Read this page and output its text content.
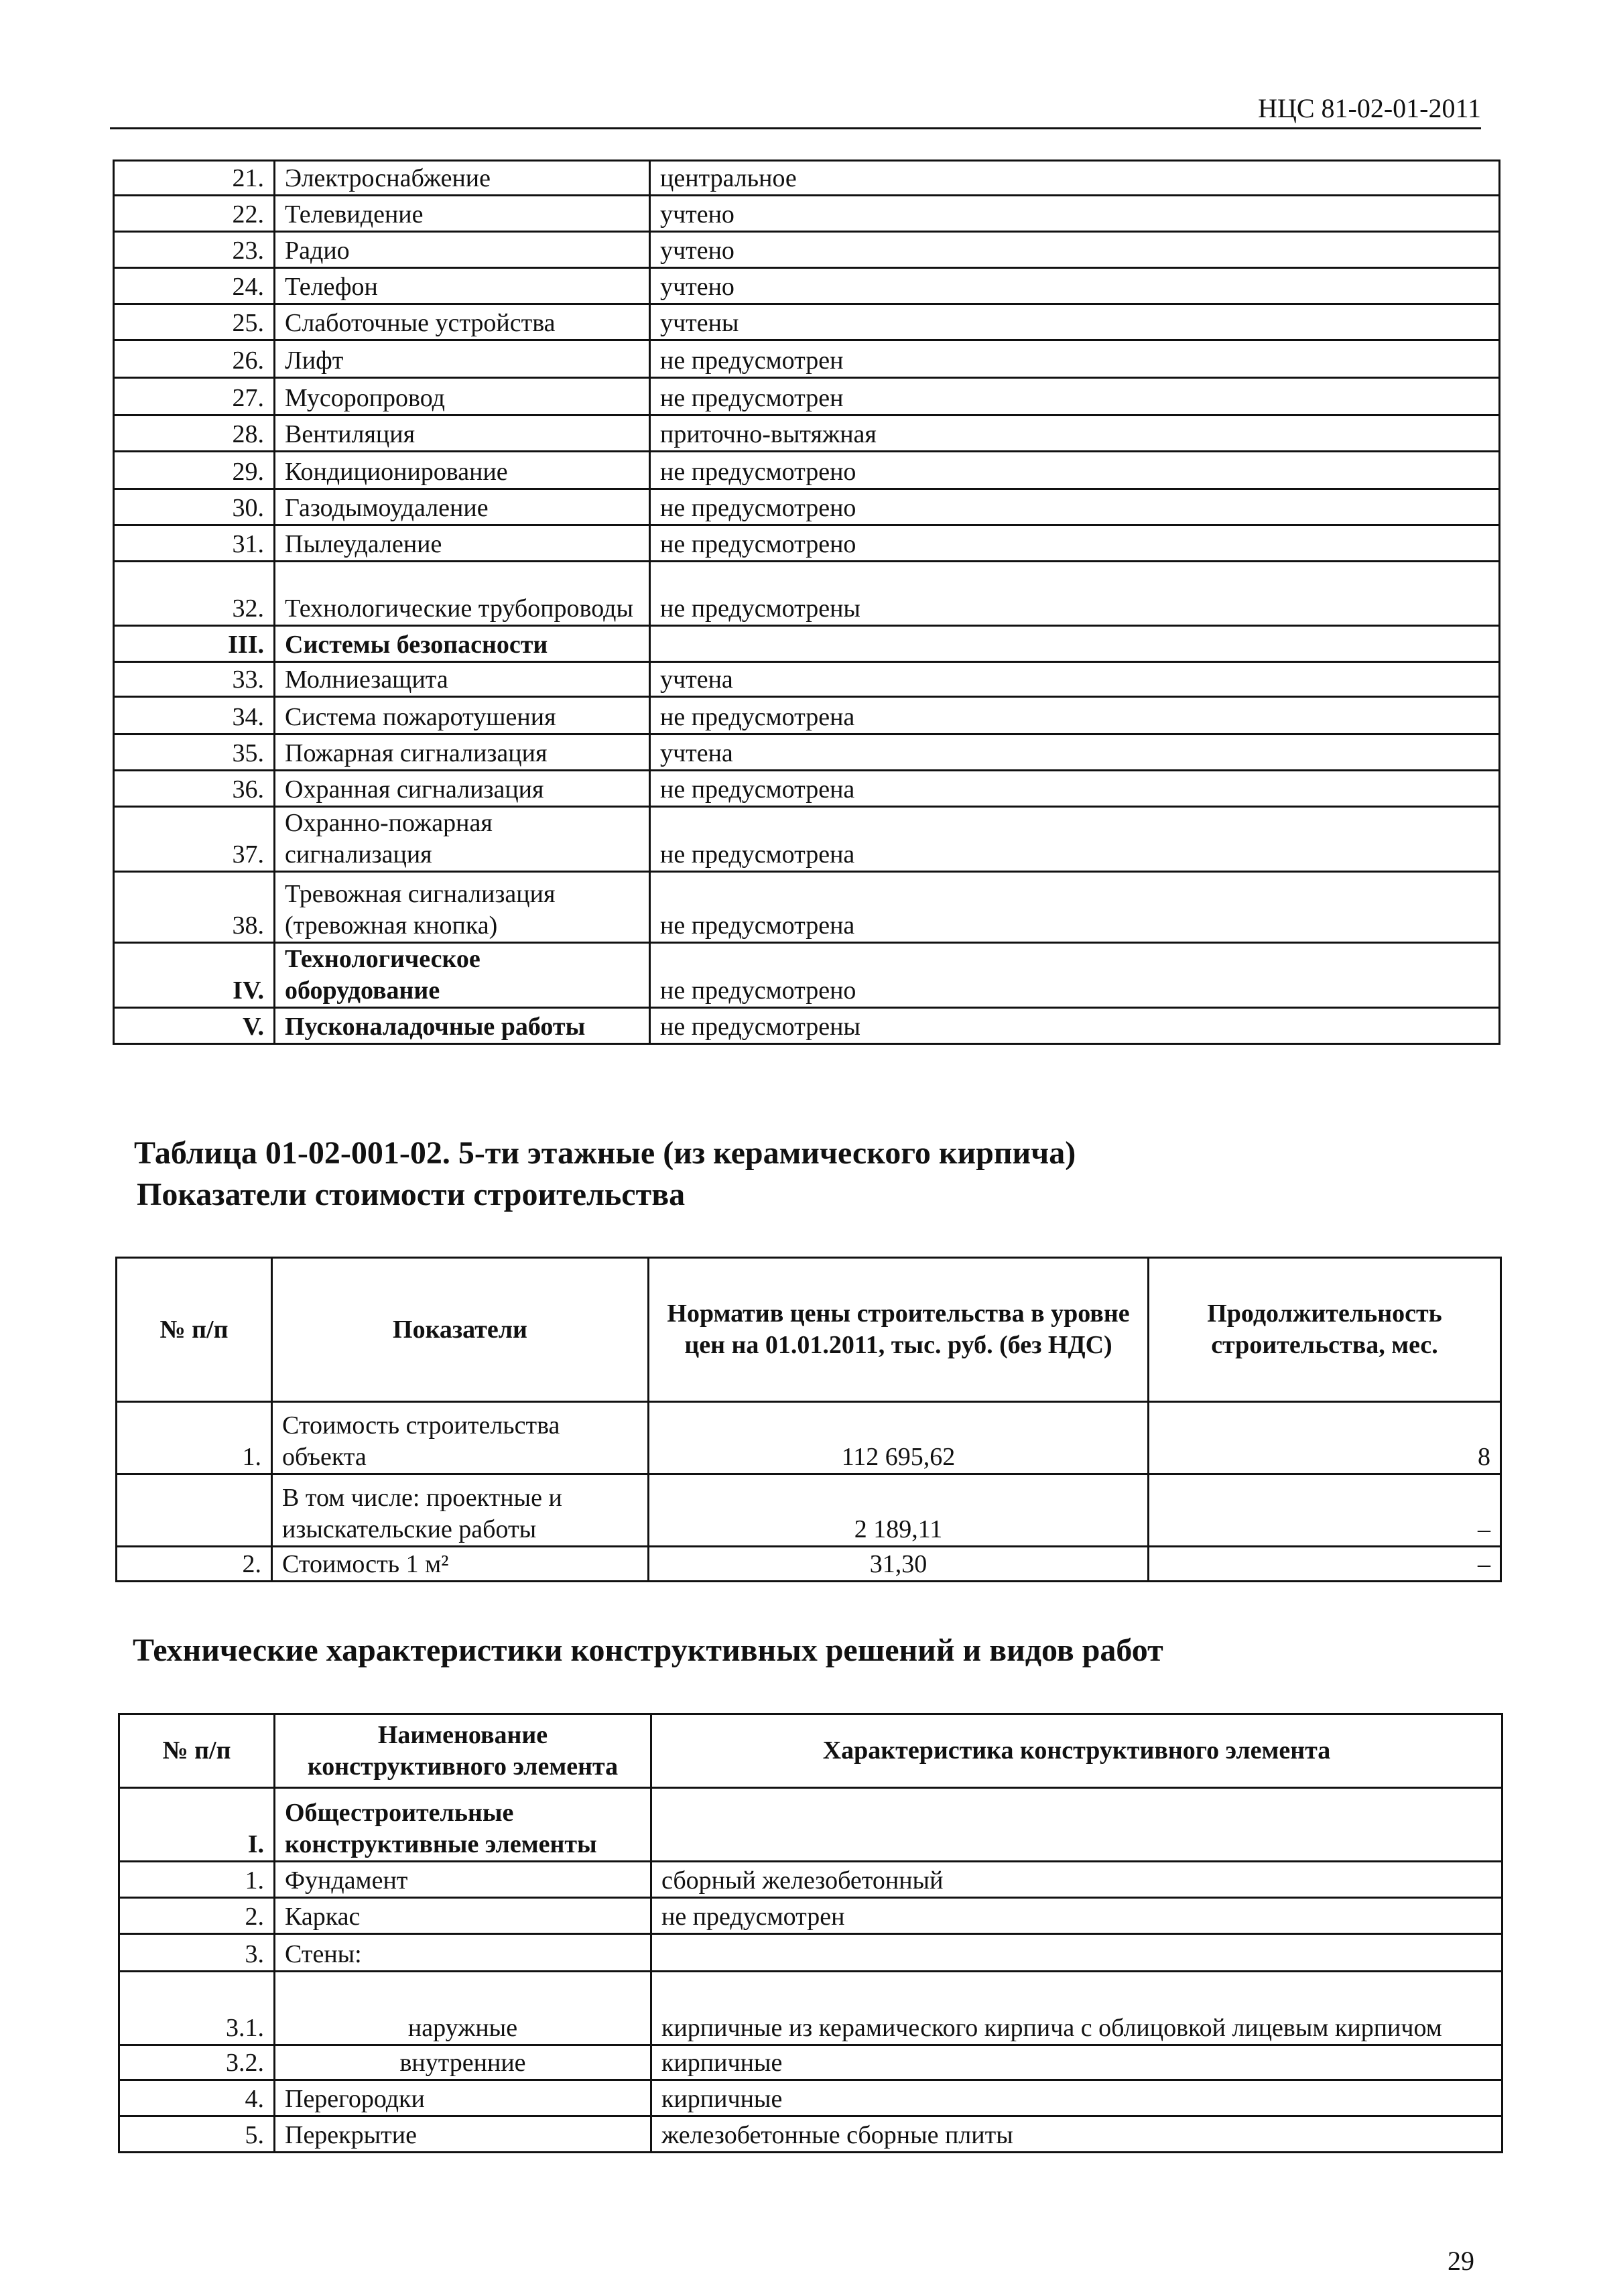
НЦС 81-02-01-2011
21.	Электроснабжение	центральное
22.	Телевидение	учтено
23.	Радио	учтено
24.	Телефон	учтено
25.	Слаботочные устройства	учтены
26.	Лифт	не предусмотрен
27.	Мусоропровод	не предусмотрен
28.	Вентиляция	приточно-вытяжная
29.	Кондиционирование	не предусмотрено
30.	Газодымоудаление	не предусмотрено
31.	Пылеудаление	не предусмотрено
32.	Технологические трубопроводы	не предусмотрены
III.	Системы безопасности	
33.	Молниезащита	учтена
34.	Система пожаротушения	не предусмотрена
35.	Пожарная сигнализация	учтена
36.	Охранная сигнализация	не предусмотрена
37.	Охранно-пожарная сигнализация	не предусмотрена
38.	Тревожная сигнализация (тревожная кнопка)	не предусмотрена
IV.	Технологическое оборудование	не предусмотрено
V.	Пусконаладочные работы	не предусмотрены
Таблица 01-02-001-02. 5-ти этажные (из керамического кирпича)
Показатели стоимости строительства
№ п/п	Показатели	Норматив цены строительства в уровне цен на 01.01.2011, тыс. руб. (без НДС)	Продолжительность строительства, мес.
1.	Стоимость строительства объекта	112 695,62	8
	В том числе: проектные и изыскательские работы	2 189,11	–
2.	Стоимость 1 м²	31,30	–
Технические характеристики конструктивных решений и видов работ
№ п/п	Наименование конструктивного элемента	Характеристика конструктивного элемента
I.	Общестроительные конструктивные элементы	
1.	Фундамент	сборный железобетонный
2.	Каркас	не предусмотрен
3.	Стены:	
3.1.	наружные	кирпичные из керамического кирпича с облицовкой лицевым кирпичом
3.2.	внутренние	кирпичные
4.	Перегородки	кирпичные
5.	Перекрытие	железобетонные сборные плиты
29
